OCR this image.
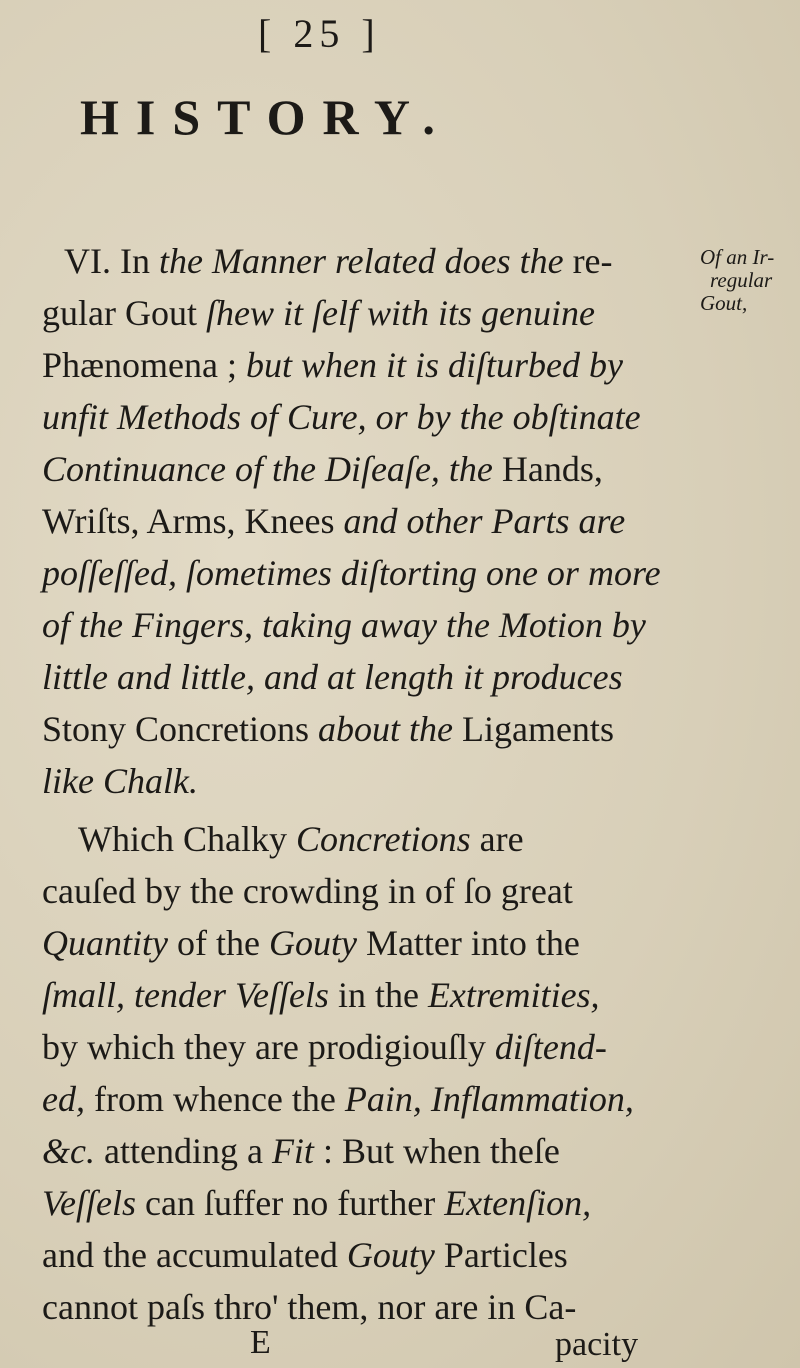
[ 25 ]
HISTORY.
Of an Ir-
regular
Gout,
VI. In the Manner related does the re-
gular Gout ſhew it ſelf with its genuine
Phænomena ; but when it is diſturbed by
unfit Methods of Cure, or by the obſtinate
Continuance of the Diſeaſe, the Hands,
Wriſts, Arms, Knees and other Parts are
poſſeſſed, ſometimes diſtorting one or more
of the Fingers, taking away the Motion by
little and little, and at length it produces
Stony Concretions about the Ligaments
like Chalk.
Which Chalky Concretions are
cauſed by the crowding in of ſo great
Quantity of the Gouty Matter into the
ſmall, tender Veſſels in the Extremities,
by which they are prodigiouſly diſtend-
ed, from whence the Pain, Inflammation,
&c. attending a Fit : But when theſe
Veſſels can ſuffer no further Extenſion,
and the accumulated Gouty Particles
cannot paſs thro' them, nor are in Ca-
E	pacity
